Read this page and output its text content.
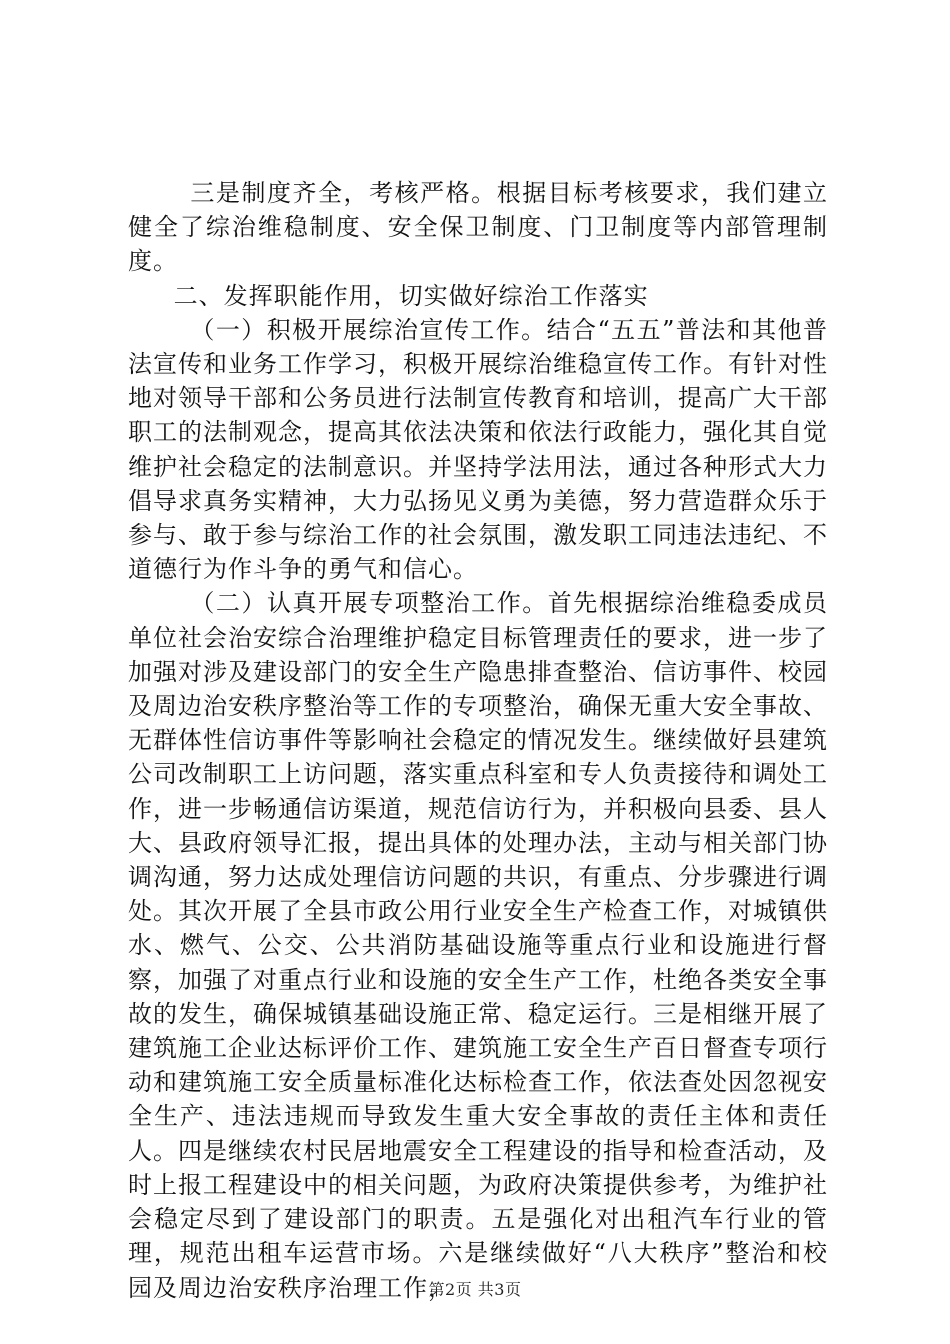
三是制度齐全，考核严格。根据目标考核要求，我们建立健全了综治维稳制度、安全保卫制度、门卫制度等内部管理制度。

二、发挥职能作用，切实做好综治工作落实

（一）积极开展综治宣传工作。结合“五五”普法和其他普法宣传和业务工作学习，积极开展综治维稳宣传工作。有针对性地对领导干部和公务员进行法制宣传教育和培训，提高广大干部职工的法制观念，提高其依法决策和依法行政能力，强化其自觉维护社会稳定的法制意识。并坚持学法用法，通过各种形式大力倡导求真务实精神，大力弘扬见义勇为美德，努力营造群众乐于参与、敢于参与综治工作的社会氛围，激发职工同违法违纪、不道德行为作斗争的勇气和信心。

（二）认真开展专项整治工作。首先根据综治维稳委成员单位社会治安综合治理维护稳定目标管理责任的要求，进一步了加强对涉及建设部门的安全生产隐患排查整治、信访事件、校园及周边治安秩序整治等工作的专项整治，确保无重大安全事故、无群体性信访事件等影响社会稳定的情况发生。继续做好县建筑公司改制职工上访问题，落实重点科室和专人负责接待和调处工作，进一步畅通信访渠道，规范信访行为，并积极向县委、县人大、县政府领导汇报，提出具体的处理办法，主动与相关部门协调沟通，努力达成处理信访问题的共识，有重点、分步骤进行调处。其次开展了全县市政公用行业安全生产检查工作，对城镇供水、燃气、公交、公共消防基础设施等重点行业和设施进行督察，加强了对重点行业和设施的安全生产工作，杜绝各类安全事故的发生，确保城镇基础设施正常、稳定运行。三是相继开展了建筑施工企业达标评价工作、建筑施工安全生产百日督查专项行动和建筑施工安全质量标准化达标检查工作，依法查处因忽视安全生产、违法违规而导致发生重大安全事故的责任主体和责任人。四是继续农村民居地震安全工程建设的指导和检查活动，及时上报工程建设中的相关问题，为政府决策提供参考，为维护社会稳定尽到了建设部门的职责。五是强化对出租汽车行业的管理，规范出租车运营市场。六是继续做好“八大秩序”整治和校园及周边治安秩序治理工作，

第2页 共3页
